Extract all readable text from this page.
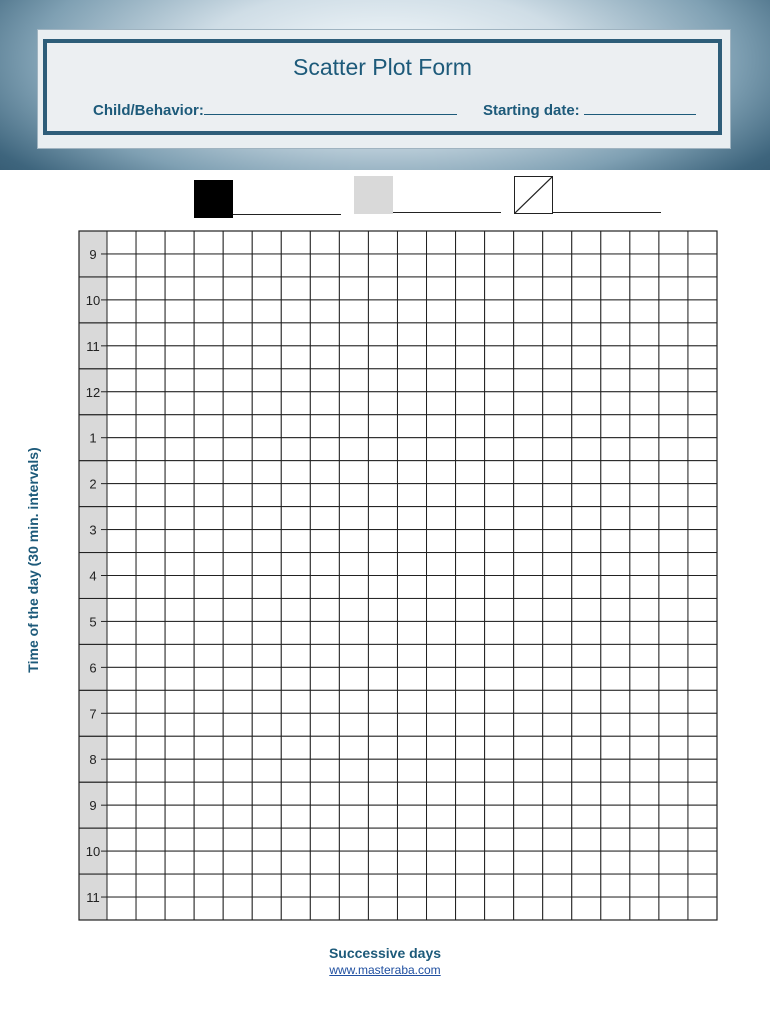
Scatter Plot Form
Child/Behavior:	Starting date:
9
10
11
12
1
2
3
4
5
6
7
8
9
10
11
Time of the day (30 min. intervals)
Successive days
www.masteraba.com
